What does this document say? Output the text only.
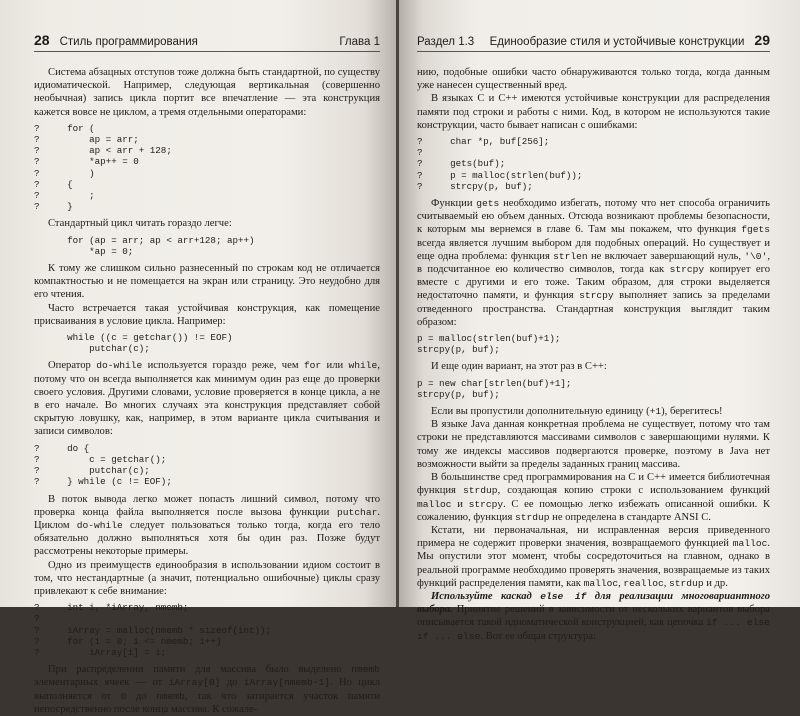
28 Стиль программирования	Глава 1

Система абзацных отступов тоже должна быть стандартной, по существу идиоматической. Например, следующая вертикальная (совершенно необычная) запись цикла портит все впечатление — эта конструкция кажется вовсе не циклом, а тремя отдельными операторами:

?     for (
?         ap = arr;
?         ap < arr + 128;
?         *ap++ = 0
?         )
?     {
?         ;
?     }

Стандартный цикл читать гораздо легче:

for (ap = arr; ap < arr+128; ap++)
*ap = 0;

К тому же слишком сильно разнесенный по строкам код не отличается компактностью и не помещается на экран или страницу. Это неудобно для его чтения.

Часто встречается такая устойчивая конструкция, как помещение присваивания в условие цикла. Например:

while ((c = getchar()) != EOF)
putchar(c);

Оператор do-while используется гораздо реже, чем for или while, потому что он всегда выполняется как минимум один раз еще до проверки своего условия. Другими словами, условие проверяется в конце цикла, а не в его начале. Во многих случаях эта конструкция представляет собой скрытую ловушку, как, например, в этом варианте цикла считывания и записи символов:

?     do {
?         c = getchar();
?         putchar(c);
?     } while (c != EOF);

В поток вывода легко может попасть лишний символ, потому что проверка конца файла выполняется после вызова функции putchar. Циклом do-while следует пользоваться только тогда, когда его тело обязательно должно выполняться хотя бы один раз. Позже будут рассмотрены некоторые примеры.

Одно из преимуществ единообразия в использовании идиом состоит в том, что нестандартные (а значит, потенциально ошибочные) циклы сразу привлекают к себе внимание:

?     int i, *iArray, nmemb;
?
?     iArray = malloc(nmemb * sizeof(int));
?     for (i = 0; i <= nmemb; i++)
?         iArray[i] = i;

При распределении памяти для массива было выделено nmemb элементарных ячеек — от iArray[0] до iArray[nmemb-1]. Но цикл выполняется от 0 до nmemb, так что затирается участок памяти непосредственно после конца массива. К сожале-

Раздел 1.3 Единообразие стиля и устойчивые конструкции 29

нию, подобные ошибки часто обнаруживаются только тогда, когда данным уже нанесен существенный вред.

В языках C и C++ имеются устойчивые конструкции для распределения памяти под строки и работы с ними. Код, в котором не используются такие конструкции, часто бывает написан с ошибками:

?     char *p, buf[256];
?
?     gets(buf);
?     p = malloc(strlen(buf));
?     strcpy(p, buf);

Функции gets необходимо избегать, потому что нет способа ограничить считываемый ею объем данных. Отсюда возникают проблемы безопасности, к которым мы вернемся в главе 6. Там мы покажем, что функция fgets всегда является лучшим выбором для подобных операций. Но существует и еще одна проблема: функция strlen не включает завершающий нуль, '\0', в подсчитанное ею количество символов, тогда как strcpy копирует его вместе с другими и его тоже. Таким образом, для строки выделяется недостаточно памяти, и функция strcpy выполняет запись за пределами отведенного пространства. Стандартная конструкция выглядит таким образом:

p = malloc(strlen(buf)+1);
strcpy(p, buf);

И еще один вариант, на этот раз в C++:

p = new char[strlen(buf)+1];
strcpy(p, buf);

Если вы пропустили дополнительную единицу (+1), берегитесь!

В языке Java данная конкретная проблема не существует, потому что там строки не представляются массивами символов с завершающими нулями. К тому же индексы массивов подвергаются проверке, поэтому в Java нет возможности выйти за пределы заданных границ массива.

В большинстве сред программирования на C и C++ имеется библиотечная функция strdup, создающая копию строки с использованием функций malloc и strcpy. С ее помощью легко избежать описанной ошибки. К сожалению, функция strdup не определена в стандарте ANSI C.

Кстати, ни первоначальная, ни исправленная версия приведенного примера не содержит проверки значения, возвращаемого функцией malloc. Мы опустили этот момент, чтобы сосредоточиться на главном, однако в реальной программе необходимо проверять значения, возвращаемые из таких функций распределения памяти, как malloc, realloc, strdup и др.

Используйте каскад else if для реализации многовариантного выбора. Принятие решений в зависимости от нескольких вариантов выбора описывается такой идиоматической конструкцией, как цепочка if ... else if ... else. Вот ее общая структура:
